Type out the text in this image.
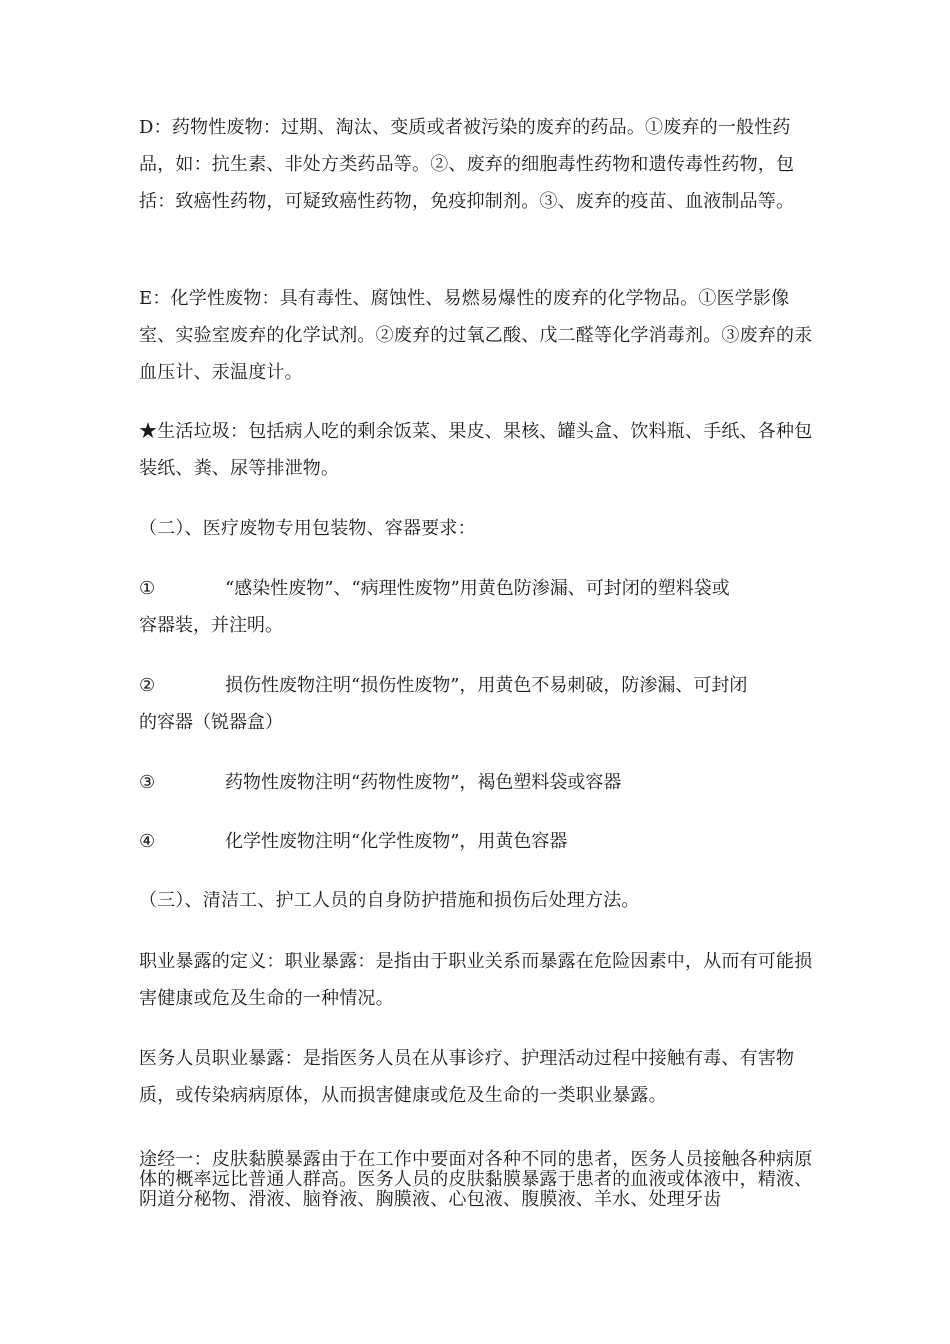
D：药物性废物：过期、淘汰、变质或者被污染的废弃的药品。①废弃的一般性药品，如：抗生素、非处方类药品等。②、废弃的细胞毒性药物和遗传毒性药物，包括：致癌性药物，可疑致癌性药物，免疫抑制剂。③、废弃的疫苗、血液制品等。

E：化学性废物：具有毒性、腐蚀性、易燃易爆性的废弃的化学物品。①医学影像室、实验室废弃的化学试剂。②废弃的过氧乙酸、戊二醛等化学消毒剂。③废弃的汞血压计、汞温度计。

★生活垃圾：包括病人吃的剩余饭菜、果皮、果核、罐头盒、饮料瓶、手纸、各种包装纸、粪、尿等排泄物。

（二）、医疗废物专用包装物、容器要求：

①	“感染性废物”、“病理性废物”用黄色防渗漏、可封闭的塑料袋或
容器装，并注明。
②	损伤性废物注明“损伤性废物”，用黄色不易刺破，防渗漏、可封闭
的容器（锐器盒）
③	药物性废物注明“药物性废物”，褐色塑料袋或容器
④	化学性废物注明“化学性废物”，用黄色容器

（三）、清洁工、护工人员的自身防护措施和损伤后处理方法。

职业暴露的定义：职业暴露：是指由于职业关系而暴露在危险因素中，从而有可能损害健康或危及生命的一种情况。

医务人员职业暴露：是指医务人员在从事诊疗、护理活动过程中接触有毒、有害物质，或传染病病原体，从而损害健康或危及生命的一类职业暴露。

途经一：皮肤黏膜暴露由于在工作中要面对各种不同的患者，医务人员接触各种病原体的概率远比普通人群高。医务人员的皮肤黏膜暴露于患者的血液或体液中，精液、阴道分秘物、滑液、脑脊液、胸膜液、心包液、腹膜液、羊水、处理牙齿
